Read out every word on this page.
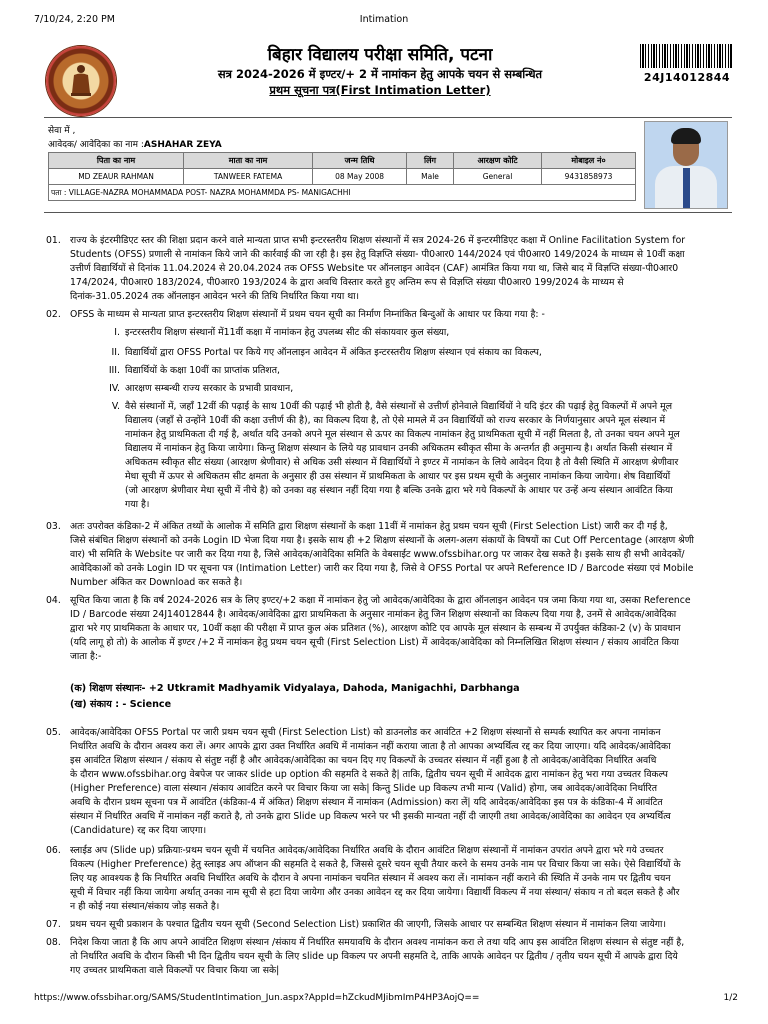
7/10/24, 2:20 PM	Intimation
बिहार विद्यालय परीक्षा समिति, पटना
सत्र 2024-2026 में इण्टर/+ 2 में नामांकन हेतु आपके चयन से सम्बन्धित
प्रथम सूचना पत्र(First Intimation Letter)
24J14012844
सेवा में ,
आवेदक/ आवेदिका का नाम :ASHAHAR ZEYA
पिता का नाम	माता का नाम	जन्म तिथि	लिंग	आरक्षण कोटि	मोबाइल नं०
MD ZEAUR RAHMAN	TANWEER FATEMA	08 May 2008	Male	General	9431858973
पता : VILLAGE-NAZRA MOHAMMADA POST- NAZRA MOHAMMDA PS- MANIGACHHI					
01. राज्य के इंटरमीडिएट स्तर की शिक्षा प्रदान करने वाले मान्यता प्राप्त सभी इन्टरस्तरीय शिक्षण संस्थानों में सत्र 2024-26 में इन्टरमीडिएट कक्षा में Online Facilitation System for
Students (OFSS) प्रणाली से नामांकन किये जाने की कार्रवाई की जा रही है। इस हेतु विज्ञप्ति संख्या- पी0आर0 144/2024 एवं पी0आर0 149/2024 के माध्यम से 10वीं कक्षा
उत्तीर्ण विद्यार्थियों से दिनांक 11.04.2024 से 20.04.2024 तक OFSS Website पर ऑनलाइन आवेदन (CAF) आमंत्रित किया गया था, जिसे बाद में विज्ञप्ति संख्या-पी0आर0
174/2024, पी0आर0 183/2024, पी0आर0 193/2024 के द्वारा अवधि विस्तार करते हुए अन्तिम रूप से विज्ञप्ति संख्या पी0आर0 199/2024 के माध्यम से
दिनांक-31.05.2024 तक ऑनलाइन आवेदन भरने की तिथि निर्धारित किया गया था।
02. OFSS के माध्यम से मान्यता प्राप्त इन्टरस्तरीय शिक्षण संस्थानों में प्रथम चयन सूची का निर्माण निम्नांकित बिन्दुओं के आधार पर किया गया है: -
I. इन्टरस्तरीय शिक्षण संस्थानों में11वीं कक्षा में नामांकन हेतु उपलब्ध सीट की संकायवार कुल संख्या,
II. विद्यार्थियों द्वारा OFSS Portal पर किये गए ऑनलाइन आवेदन में अंकित इन्टरस्तरीय शिक्षण संस्थान एवं संकाय का विकल्प,
III. विद्यार्थियों के कक्षा 10वीं का प्राप्तांक प्रतिशत,
IV. आरक्षण सम्बन्धी राज्य सरकार के प्रभावी प्रावधान,
V. वैसे संस्थानों में, जहाँ 12वीं की पढ़ाई के साथ 10वीं की पढ़ाई भी होती है, वैसे संस्थानों से उत्तीर्ण होनेवाले विद्यार्थियों ने यदि इंटर की पढ़ाई हेतु विकल्पों में अपने मूल
विद्यालय (जहाँ से उन्होंने 10वीं की कक्षा उत्तीर्ण की है), का विकल्प दिया है, तो ऐसे मामले में उन विद्यार्थियों को राज्य सरकार के निर्णयानुसार अपने मूल संस्थान में
नामांकन हेतु प्राथमिकता दी गई है, अर्थात यदि उनको अपने मूल संस्थान से ऊपर का विकल्प नामांकन हेतु प्राथमिकता सूची में नहीं मिलता है, तो उनका चयन अपने मूल
विद्यालय में नामांकन हेतु किया जायेगा। किन्तु शिक्षण संस्थान के लिये यह प्रावधान उनकी अधिकतम स्वीकृत सीमा के अन्तर्गत ही अनुमान्य है। अर्थात किसी संस्थान में
अधिकतम स्वीकृत सीट संख्या (आरक्षण श्रेणीवार) से अधिक उसी संस्थान में विद्यार्थियों ने इण्टर में नामांकन के लिये आवेदन दिया है तो वैसी स्थिति में आरक्षण श्रेणीवार
मेधा सूची में ऊपर से अधिकतम सीट क्षमता के अनुसार ही उस संस्थान में प्राथमिकता के आधार पर इस प्रथम सूची के अनुसार नामांकन किया जायेगा। शेष विद्यार्थियों
(जो आरक्षण श्रेणीवार मेधा सूची में नीचे है) को उनका वह संस्थान नहीं दिया गया है बल्कि उनके द्वारा भरे गये विकल्पों के आधार पर उन्हें अन्य संस्थान आवंटित किया
गया है।
03. अतः उपरोक्त कंडिका-2 में अंकित तथ्यों के आलोक में समिति द्वारा शिक्षण संस्थानों के कक्षा 11वीं में नामांकन हेतु प्रथम चयन सूची (First Selection List) जारी कर दी गई है,
जिसे संबंधित शिक्षण संस्थानों को उनके Login ID भेजा दिया गया है। इसके साथ ही +2 शिक्षण संस्थानों के अलग-अलग संकायों के विषयों का Cut Off Percentage (आरक्षण श्रेणी
वार) भी समिति के Website पर जारी कर दिया गया है, जिसे आवेदक/आवेदिका समिति के वेबसाईट www.ofssbihar.org पर जाकर देख सकते है। इसके साथ ही सभी आवेदकों/
आवेदिकाओं को उनके Login ID पर सूचना पत्र (Intimation Letter) जारी कर दिया गया है, जिसे वे OFSS Portal पर अपने Reference ID / Barcode संख्या एवं Mobile
Number अंकित कर Download कर सकते है।
04. सूचित किया जाता है कि वर्ष 2024-2026 सत्र के लिए इण्टर/+2 कक्षा में नामांकन हेतु जो आवेदक/आवेदिका के द्वारा ऑनलाइन आवेदन पत्र जमा किया गया था, उसका Reference
ID / Barcode संख्या 24J14012844 है। आवेदक/आवेदिका द्वारा प्राथमिकता के अनुसार नामांकन हेतु जिन शिक्षण संस्थानों का विकल्प दिया गया है, उनमें से आवेदक/आवेदिका
द्वारा भरे गए प्राथमिकता के आधार पर, 10वीं कक्षा की परीक्षा में प्राप्त कुल अंक प्रतिशत (%), आरक्षण कोटि एव आपके मूल संस्थान के सम्बन्ध में उपर्युक्त कंडिका-2 (v) के प्रावधान
(यदि लागू हो तो) के आलोक में इण्टर /+2 में नामांकन हेतु प्रथम चयन सूची (First Selection List) में आवेदक/आवेदिका को निम्नलिखित शिक्षण संस्थान / संकाय आवंटित किया
जाता है:-
(क) शिक्षण संस्थानः- +2 Utkramit Madhyamik Vidyalaya, Dahoda, Manigachhi, Darbhanga
(ख) संकाय : - Science
05. आवेदक/आवेदिका OFSS Portal पर जारी प्रथम चयन सूची (First Selection List) को डाउनलोड कर आवंटित +2 शिक्षण संस्थानों से सम्पर्क स्थापित कर अपना नामांकन
निर्धारित अवधि के दौरान अवश्य करा लें। अगर आपके द्वारा उक्त निर्धारित अवधि में नामांकन नहीं कराया जाता है तो आपका अभ्यर्थित्व रद्द कर दिया जाएगा। यदि आवेदक/आवेदिका
इस आवंटित शिक्षण संस्थान / संकाय से संतुष्ट नहीं है और आवेदक/आवेदिका का चयन दिए गए विकल्पों के उच्चतर संस्थान में नहीं हुआ है तो आवेदक/आवेदिका निर्धारित अवधि
के दौरान www.ofssbihar.org वेबपेज पर जाकर slide up option की सहमति दे सकते है| ताकि, द्वितीय चयन सूची में आवेदक द्वारा नामांकन हेतु भरा गया उच्चतर विकल्प
(Higher Preference) वाला संस्थान /संकाय आवंटित करने पर विचार किया जा सके| किन्तु Slide up विकल्प तभी मान्य (Valid) होगा, जब आवेदक/आवेदिका निर्धारित
अवधि के दौरान प्रथम सूचना पत्र में आवंटित (कंडिका-4 में अंकित) शिक्षण संस्थान में नामांकन (Admission) करा लें| यदि आवेदक/आवेदिका इस पत्र के कंडिका-4 में आवंटित
संस्थान में निर्धारित अवधि में नामांकन नहीं कराते है, तो उनके द्वारा Slide up विकल्प भरने पर भी इसकी मान्यता नहीं दी जाएगी तथा आवेदक/आवेदिका का आवेदन एव अभ्यर्थित्व
(Candidature) रद्द कर दिया जाएगा।
06. स्लाईड अप (Slide up) प्रक्रियाः-प्रथम चयन सूची में चयनित आवेदक/आवेदिका निर्धारित अवधि के दौरान आवंटित शिक्षण संस्थानों में नामांकन उपरांत अपने द्वारा भरे गये उच्चतर
विकल्प (Higher Preference) हेतु स्लाइड अप ऑप्शन की सहमति दे सकते है, जिससे दूसरे चयन सूची तैयार करने के समय उनके नाम पर विचार किया जा सके। ऐसे विद्यार्थियों के
लिए यह आवश्यक है कि निर्धारित अवधि निर्धारित अवधि के दौरान वे अपना नामांकन चयनित संस्थान में अवश्य करा लें। नामांकन नहीं कराने की स्थिति में उनके नाम पर द्वितीय चयन
सूची में विचार नहीं किया जायेगा अर्थात् उनका नाम सूची से हटा दिया जायेगा और उनका आवेदन रद्द कर दिया जायेगा। विद्यार्थी विकल्प में नया संस्थान/ संकाय न तो बदल सकते है और
न ही कोई नया संस्थान/संकाय जोड़ सकते है।
07. प्रथम चयन सूची प्रकाशन के पश्चात द्वितीय चयन सूची (Second Selection List) प्रकाशित की जाएगी, जिसके आधार पर सम्बन्धित शिक्षण संस्थान में नामांकन लिया जायेगा।
08. निदेश किया जाता है कि आप अपने आवंटित शिक्षण संस्थान /संकाय में निर्धारित समयावधि के दौरान अवश्य नामांकन करा ले तथा यदि आप इस आवंटित शिक्षण संस्थान से संतुष्ट नहीं है,
तो निर्धारित अवधि के दौरान किसी भी दिन द्वितीय चयन सूची के लिए slide up विकल्प पर अपनी सहमति दे, ताकि आपके आवेदन पर द्वितीय / तृतीय चयन सूची में आपके द्वारा दिये
गए उच्चतर प्राथमिकता वाले विकल्पों पर विचार किया जा सके|
https://www.ofssbihar.org/SAMS/StudentIntimation_Jun.aspx?AppId=hZckudMJibmImP4HP3AojQ==	1/2
